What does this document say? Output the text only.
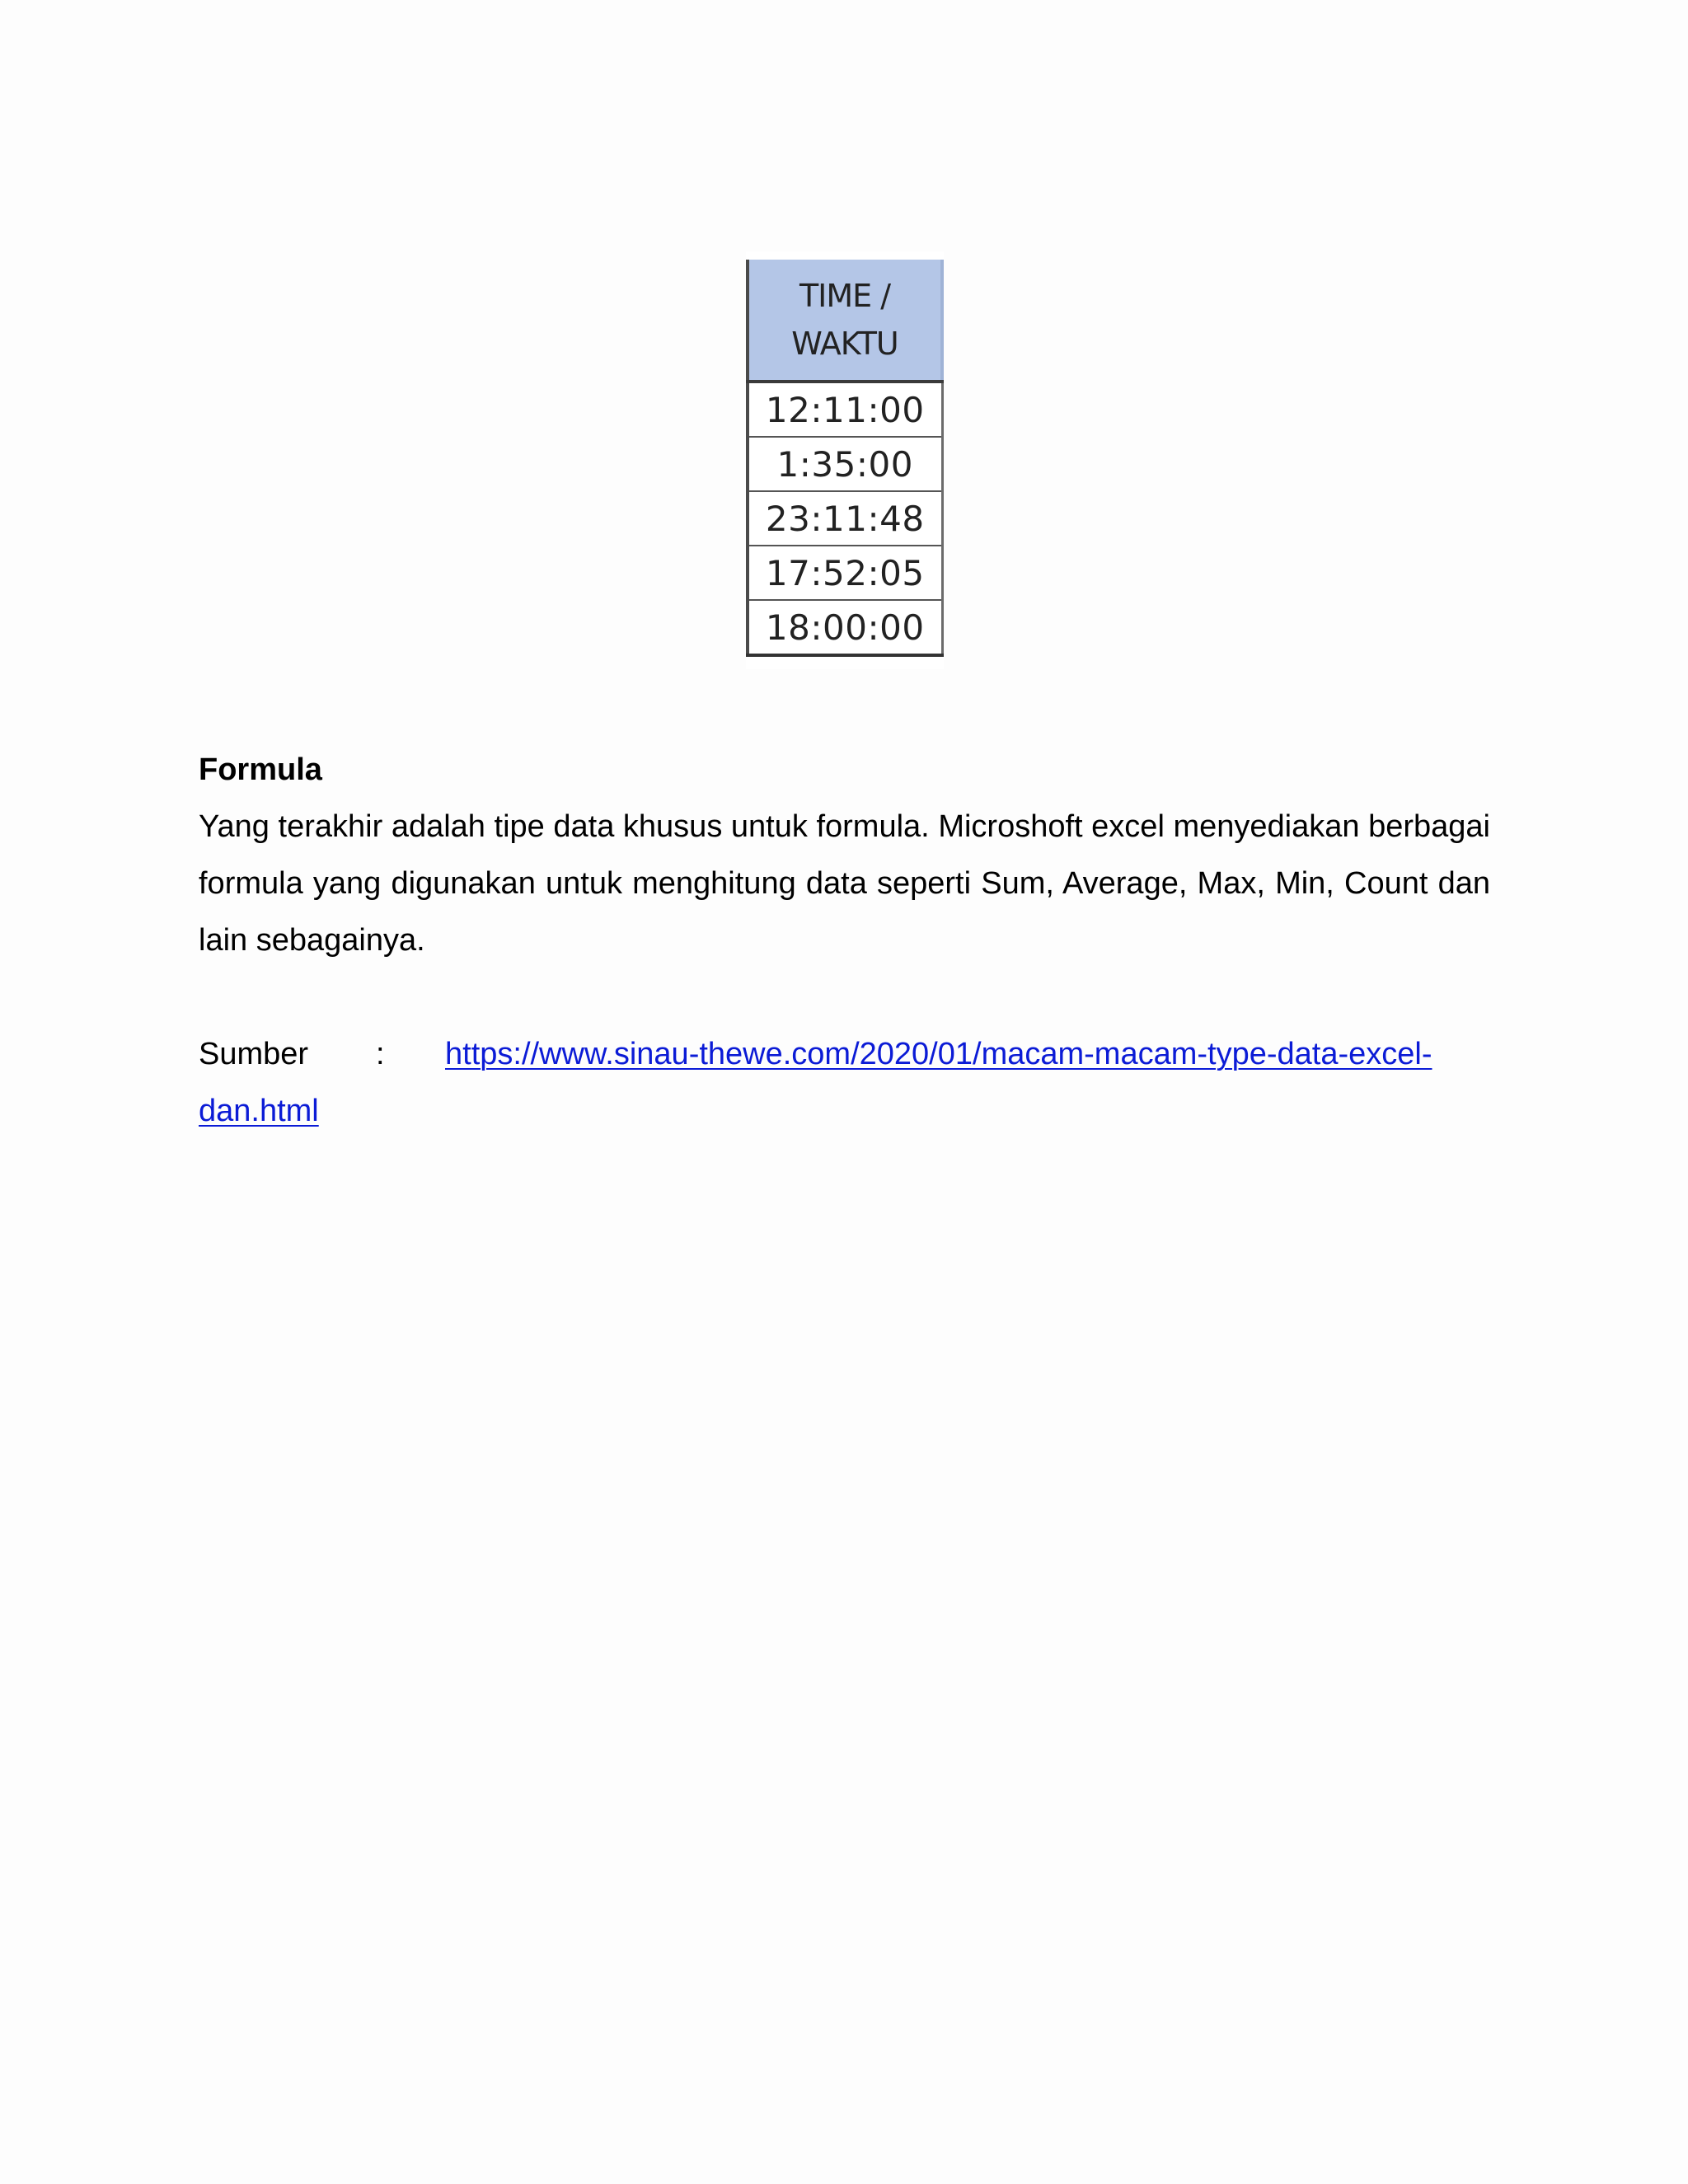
TIME /
WAKTU

12:11:00
1:35:00
23:11:48
17:52:05
18:00:00

Formula

Yang terakhir adalah tipe data khusus untuk formula. Microshoft excel menyediakan berbagai formula yang digunakan untuk menghitung data seperti Sum, Average, Max, Min, Count dan lain sebagainya.

Sumber : https://www.sinau-thewe.com/2020/01/macam-macam-type-data-excel-
dan.html
